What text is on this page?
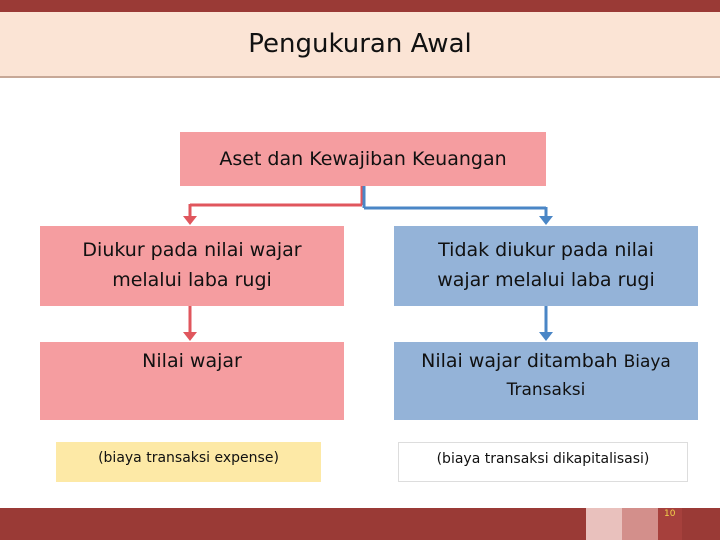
Pengukuran Awal
Aset dan Kewajiban Keuangan
Diukur pada nilai wajar
melalui laba rugi
Tidak diukur pada nilai
wajar melalui laba rugi
Nilai wajar	Nilai wajar ditambah Biaya
Transaksi
(biaya transaksi expense)	(biaya transaksi dikapitalisasi)
10
